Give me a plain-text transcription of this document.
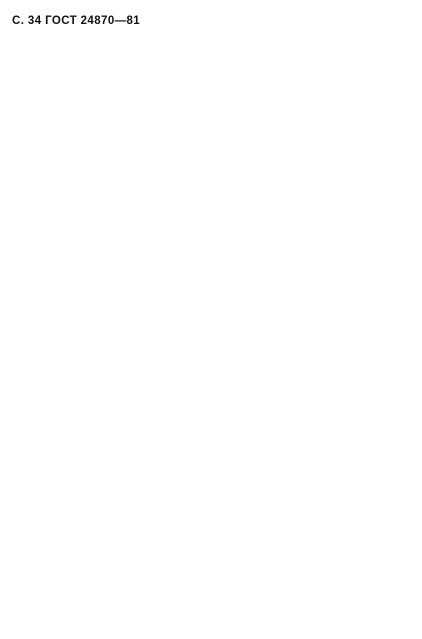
С. 34 ГОСТ 24870—81
